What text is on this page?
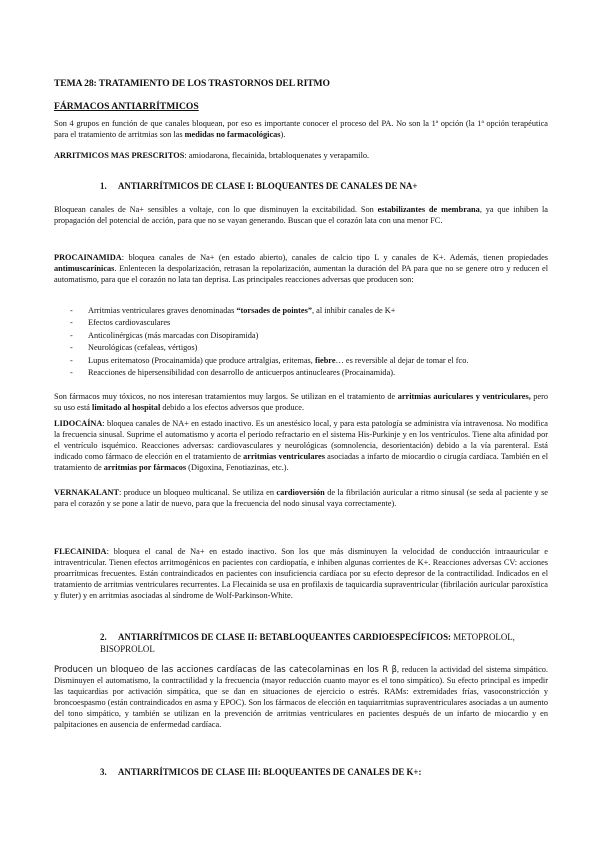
TEMA 28: TRATAMIENTO DE LOS TRASTORNOS DEL RITMO
FÁRMACOS ANTIARRÍTMICOS

Son 4 grupos en función de que canales bloquean, por eso es importante conocer el proceso del PA. No son la 1ª opción (la 1ª opción terapéutica para el tratamiento de arritmias son las medidas no farmacológicas).

ARRITMICOS MAS PRESCRITOS: amiodarona, flecainida, brtabloquenates y verapamilo.

1. ANTIARRÍTMICOS DE CLASE I: BLOQUEANTES DE CANALES DE NA+

Bloquean canales de Na+ sensibles a voltaje, con lo que disminuyen la excitabilidad. Son estabilizantes de membrana, ya que inhiben la propagación del potencial de acción, para que no se vayan generando. Buscan que el corazón lata con una menor FC.

PROCAINAMIDA: bloquea canales de Na+ (en estado abierto), canales de calcio tipo L y canales de K+. Además, tienen propiedades antimuscarínicas. Enlentecen la despolarización, retrasan la repolarización, aumentan la duración del PA para que no se genere otro y reducen el automatismo, para que el corazón no lata tan deprisa. Las principales reacciones adversas que producen son:

- Arritmias ventriculares graves denominadas “torsades de pointes”, al inhibir canales de K+
- Efectos cardiovasculares
- Anticolinérgicas (más marcadas con Disopiramida)
- Neurológicas (cefaleas, vértigos)
- Lupus eritematoso (Procainamida) que produce artralgias, eritemas, fiebre… es reversible al dejar de tomar el fco.
- Reacciones de hipersensibilidad con desarrollo de anticuerpos antinucleares (Procainamida).

Son fármacos muy tóxicos, no nos interesan tratamientos muy largos. Se utilizan en el tratamiento de arritmias auriculares y ventriculares, pero su uso está limitado al hospital debido a los efectos adversos que produce.

LIDOCAÍNA: bloquea canales de NA+ en estado inactivo. Es un anestésico local, y para esta patología se administra vía intravenosa. No modifica la frecuencia sinusal. Suprime el automatismo y acorta el periodo refractario en el sistema His-Purkinje y en los ventrículos. Tiene alta afinidad por el ventrículo isquémico. Reacciones adversas: cardiovasculares y neurológicas (somnolencia, desorientación) debido a la vía parenteral. Está indicado como fármaco de elección en el tratamiento de arritmias ventriculares asociadas a infarto de miocardio o cirugía cardíaca. También en el tratamiento de arritmias por fármacos (Digoxina, Fenotiazinas, etc.).

VERNAKALANT: produce un bloqueo multicanal. Se utiliza en cardioversión de la fibrilación auricular a ritmo sinusal (se seda al paciente y se para el corazón y se pone a latir de nuevo, para que la frecuencia del nodo sinusal vaya correctamente).

FLECAINIDA: bloquea el canal de Na+ en estado inactivo. Son los que más disminuyen la velocidad de conducción intraauricular e intraventricular. Tienen efectos arritmogénicos en pacientes con cardiopatía, e inhiben algunas corrientes de K+. Reacciones adversas CV: acciones proarrítmicas frecuentes. Están contraindicados en pacientes con insuficiencia cardíaca por su efecto depresor de la contractilidad. Indicados en el tratamiento de arritmias ventriculares recurrentes. La Flecainida se usa en profilaxis de taquicardia supraventricular (fibrilación auricular paroxística y fluter) y en arritmias asociadas al síndrome de Wolf-Parkinson-White.

2. ANTIARRÍTMICOS DE CLASE II: BETABLOQUEANTES CARDIOESPECÍFICOS: METOPROLOL, BISOPROLOL

Producen un bloqueo de las acciones cardíacas de las catecolaminas en los R β, reducen la actividad del sistema simpático. Disminuyen el automatismo, la contractilidad y la frecuencia (mayor reducción cuanto mayor es el tono simpático). Su efecto principal es impedir las taquicardias por activación simpática, que se dan en situaciones de ejercicio o estrés. RAMs: extremidades frías, vasoconstricción y broncoespasmo (están contraindicados en asma y EPOC). Son los fármacos de elección en taquiarritmias supraventriculares asociadas a un aumento del tono simpático, y también se utilizan en la prevención de arritmias ventriculares en pacientes después de un infarto de miocardio y en palpitaciones en ausencia de enfermedad cardíaca.

3. ANTIARRÍTMICOS DE CLASE III: BLOQUEANTES DE CANALES DE K+:
